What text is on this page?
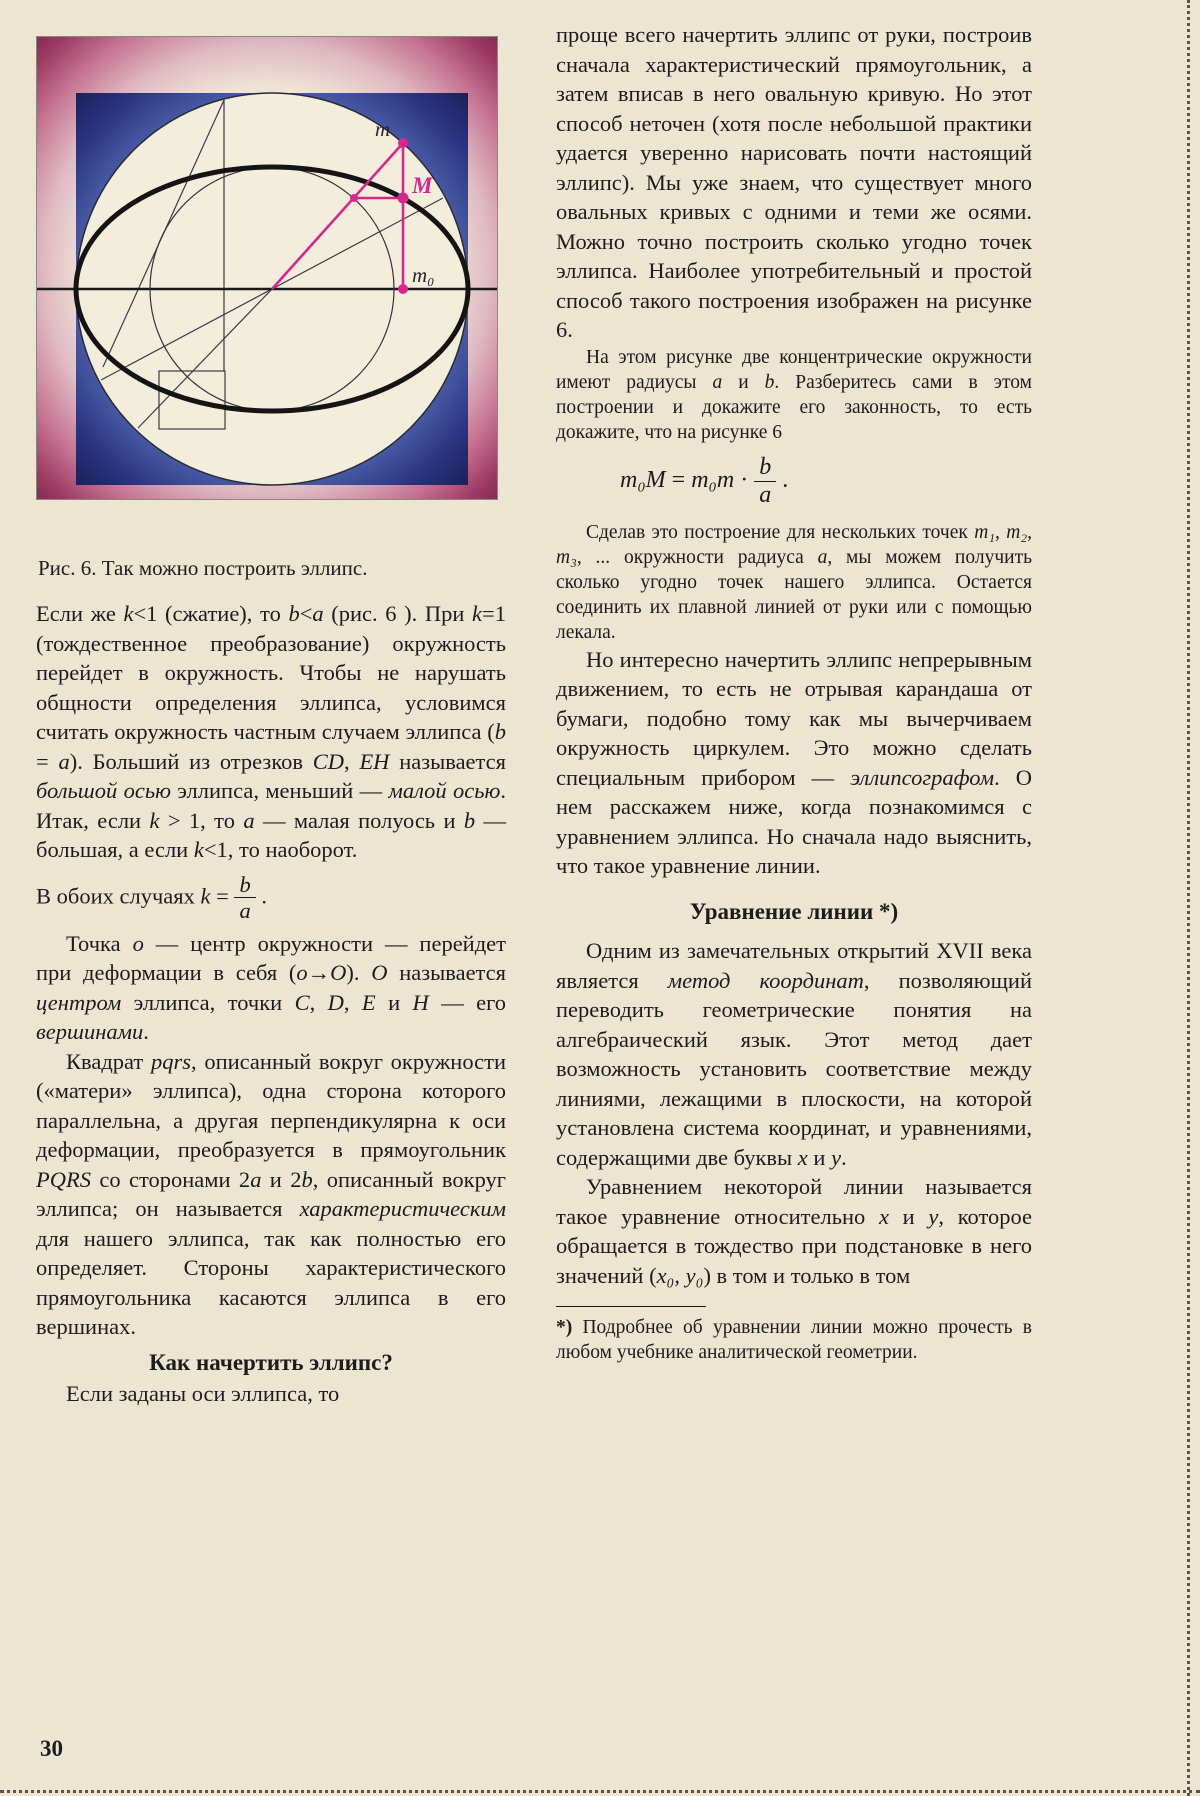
m
M
m₀
Рис. 6. Так можно построить эллипс.

Если же k<1 (сжатие), то b<a (рис. 6 ). При k=1 (тождественное преобразование) окружность перейдет в окружность. Чтобы не нарушать общности определения эллипса, условимся считать окружность частным случаем эллипса (b = a). Больший из отрезков CD, EH называется большой осью эллипса, меньший — малой осью. Итак, если k > 1, то a — малая полуось и b — большая, а если k<1, то наоборот.

В обоих случаях $k = \frac{b}{a}$ .

Точка o — центр окружности — перейдет при деформации в себя (o→O). O называется центром эллипса, точки C, D, E и H — его вершинами.

Квадрат pqrs, описанный вокруг окружности («матери» эллипса), одна сторона которого параллельна, а другая перпендикулярна к оси деформации, преобразуется в прямоугольник PQRS со сторонами 2a и 2b, описанный вокруг эллипса; он называется характеристическим для нашего эллипса, так как полностью его определяет. Стороны характеристического прямоугольника касаются эллипса в его вершинах.

Как начертить эллипс?

Если заданы оси эллипса, то

проще всего начертить эллипс от руки, построив сначала характеристический прямоугольник, а затем вписав в него овальную кривую. Но этот способ неточен (хотя после небольшой практики удается уверенно нарисовать почти настоящий эллипс). Мы уже знаем, что существует много овальных кривых с одними и теми же осями. Можно точно построить сколько угодно точек эллипса. Наиболее употребительный и простой способ такого построения изображен на рисунке 6.

На этом рисунке две концентрические окружности имеют радиусы a и b. Разберитесь сами в этом построении и докажите его законность, то есть докажите, что на рисунке 6

$m_0M = m_0m \cdot \frac{b}{a}$ .

Сделав это построение для нескольких точек m₁, m₂, m₃, ... окружности радиуса a, мы можем получить сколько угодно точек нашего эллипса. Остается соединить их плавной линией от руки или с помощью лекала.

Но интересно начертить эллипс непрерывным движением, то есть не отрывая карандаша от бумаги, подобно тому как мы вычерчиваем окружность циркулем. Это можно сделать специальным прибором — эллипсографом. О нем расскажем ниже, когда познакомимся с уравнением эллипса. Но сначала надо выяснить, что такое уравнение линии.

Уравнение линии *)

Одним из замечательных открытий XVII века является метод координат, позволяющий переводить геометрические понятия на алгебраический язык. Этот метод дает возможность установить соответствие между линиями, лежащими в плоскости, на которой установлена система координат, и уравнениями, содержащими две буквы x и y.

Уравнением некоторой линии называется такое уравнение относительно x и y, которое обращается в тождество при подстановке в него значений (x₀, y₀) в том и только в том

*) Подробнее об уравнении линии можно прочесть в любом учебнике аналитической геометрии.

30
